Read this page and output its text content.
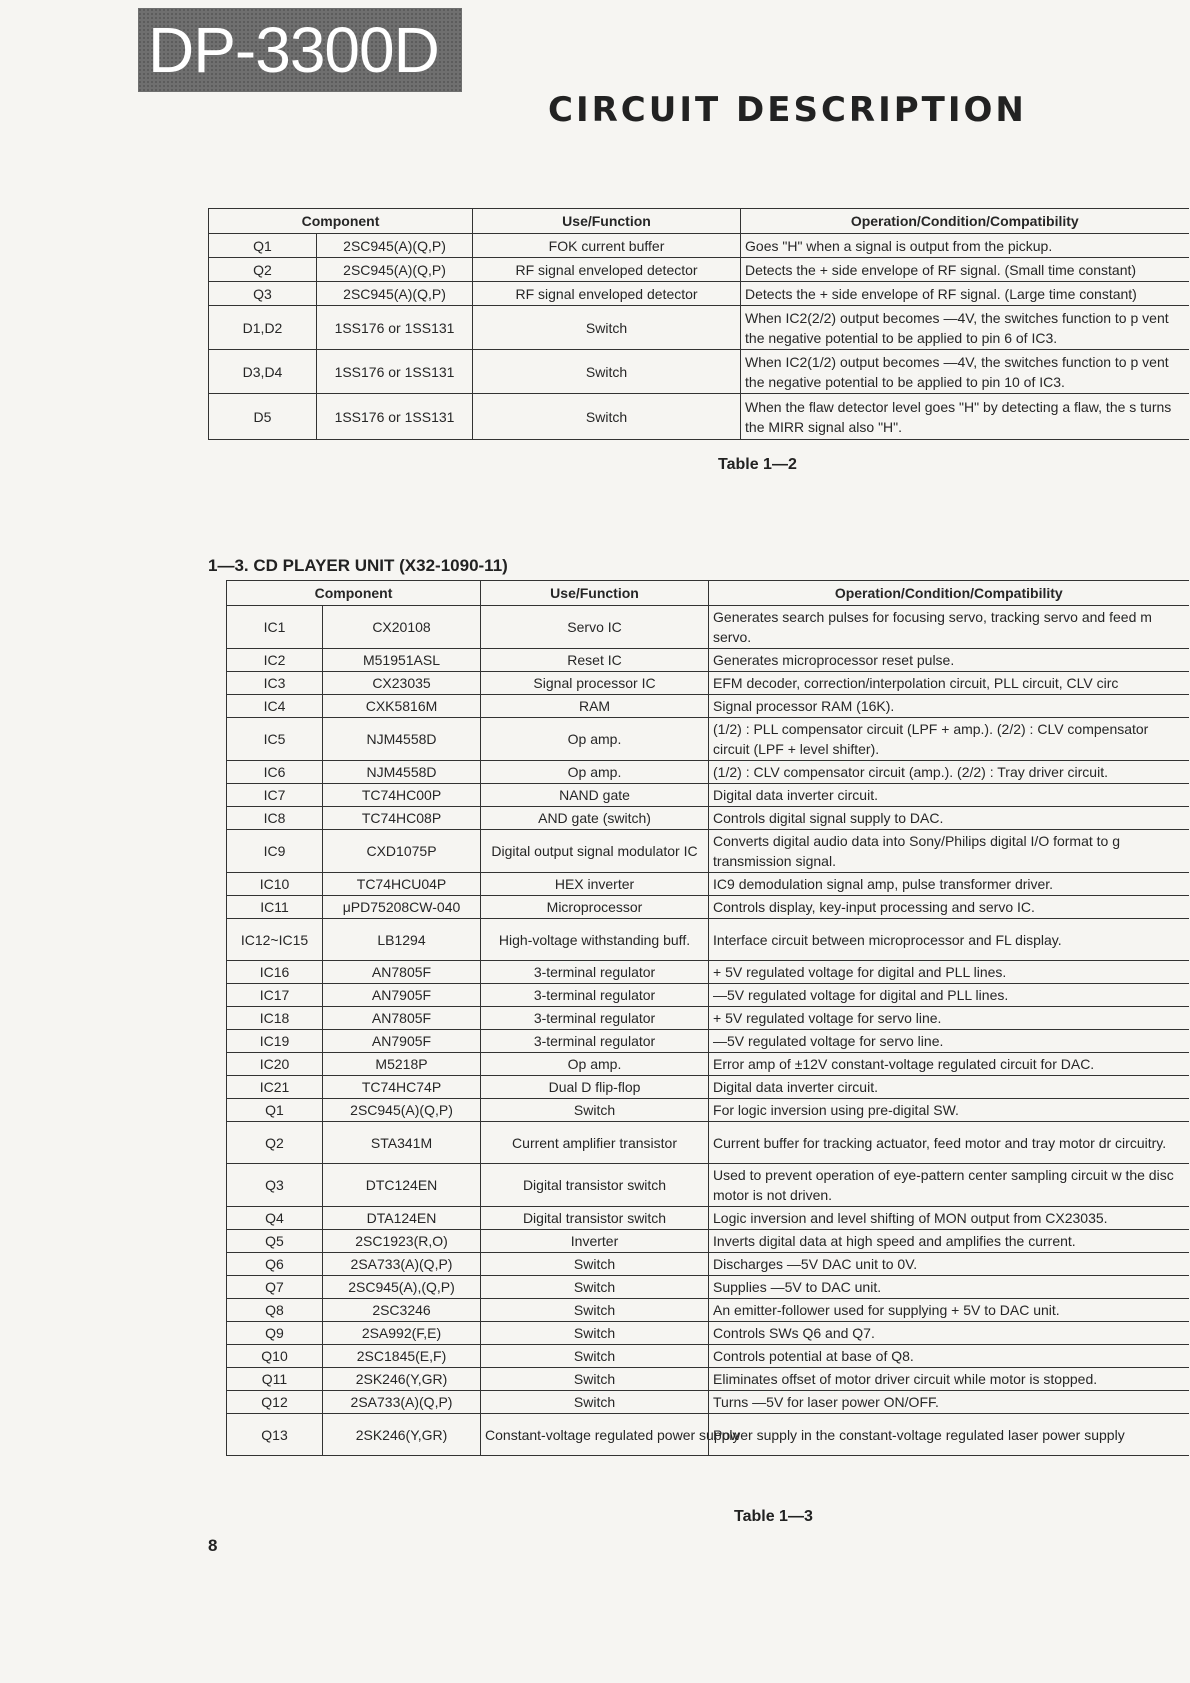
DP-3300D
CIRCUIT DESCRIPTION
Component		Use/Function	Operation/Condition/Compatibility
Q1	2SC945(A)(Q,P)	FOK current buffer	Goes "H" when a signal is output from the pickup.
Q2	2SC945(A)(Q,P)	RF signal enveloped detector	Detects the + side envelope of RF signal. (Small time constant)
Q3	2SC945(A)(Q,P)	RF signal enveloped detector	Detects the + side envelope of RF signal. (Large time constant)
D1,D2	1SS176 or 1SS131	Switch	When IC2(2/2) output becomes —4V, the switches function to p vent the negative potential to be applied to pin 6 of IC3.
D3,D4	1SS176 or 1SS131	Switch	When IC2(1/2) output becomes —4V, the switches function to p vent the negative potential to be applied to pin 10 of IC3.
D5	1SS176 or 1SS131	Switch	When the flaw detector level goes "H" by detecting a flaw, the s turns the MIRR signal also "H".
Table 1—2
1—3. CD PLAYER UNIT (X32-1090-11)
Component		Use/Function	Operation/Condition/Compatibility
IC1	CX20108	Servo IC	Generates search pulses for focusing servo, tracking servo and feed m servo.
IC2	M51951ASL	Reset IC	Generates microprocessor reset pulse.
IC3	CX23035	Signal processor IC	EFM decoder, correction/interpolation circuit, PLL circuit, CLV circ
IC4	CXK5816M	RAM	Signal processor RAM (16K).
IC5	NJM4558D	Op amp.	(1/2) : PLL compensator circuit (LPF + amp.). (2/2) : CLV compensator circuit (LPF + level shifter).
IC6	NJM4558D	Op amp.	(1/2) : CLV compensator circuit (amp.). (2/2) : Tray driver circuit.
IC7	TC74HC00P	NAND gate	Digital data inverter circuit.
IC8	TC74HC08P	AND gate (switch)	Controls digital signal supply to DAC.
IC9	CXD1075P	Digital output signal modulator IC	Converts digital audio data into Sony/Philips digital I/O format to g transmission signal.
IC10	TC74HCU04P	HEX inverter	IC9 demodulation signal amp, pulse transformer driver.
IC11	μPD75208CW-040	Microprocessor	Controls display, key-input processing and servo IC.
IC12~IC15	LB1294	High-voltage withstanding buff.	Interface circuit between microprocessor and FL display.
IC16	AN7805F	3-terminal regulator	+ 5V regulated voltage for digital and PLL lines.
IC17	AN7905F	3-terminal regulator	—5V regulated voltage for digital and PLL lines.
IC18	AN7805F	3-terminal regulator	+ 5V regulated voltage for servo line.
IC19	AN7905F	3-terminal regulator	—5V regulated voltage for servo line.
IC20	M5218P	Op amp.	Error amp of ±12V constant-voltage regulated circuit for DAC.
IC21	TC74HC74P	Dual D flip-flop	Digital data inverter circuit.
Q1	2SC945(A)(Q,P)	Switch	For logic inversion using pre-digital SW.
Q2	STA341M	Current amplifier transistor	Current buffer for tracking actuator, feed motor and tray motor dr circuitry.
Q3	DTC124EN	Digital transistor switch	Used to prevent operation of eye-pattern center sampling circuit w the disc motor is not driven.
Q4	DTA124EN	Digital transistor switch	Logic inversion and level shifting of MON output from CX23035.
Q5	2SC1923(R,O)	Inverter	Inverts digital data at high speed and amplifies the current.
Q6	2SA733(A)(Q,P)	Switch	Discharges —5V DAC unit to 0V.
Q7	2SC945(A),(Q,P)	Switch	Supplies —5V to DAC unit.
Q8	2SC3246	Switch	An emitter-follower used for supplying + 5V to DAC unit.
Q9	2SA992(F,E)	Switch	Controls SWs Q6 and Q7.
Q10	2SC1845(E,F)	Switch	Controls potential at base of Q8.
Q11	2SK246(Y,GR)	Switch	Eliminates offset of motor driver circuit while motor is stopped.
Q12	2SA733(A)(Q,P)	Switch	Turns —5V for laser power ON/OFF.
Q13	2SK246(Y,GR)	Constant-voltage regulated power supply	Power supply in the constant-voltage regulated laser power supply
Table 1—3
8
